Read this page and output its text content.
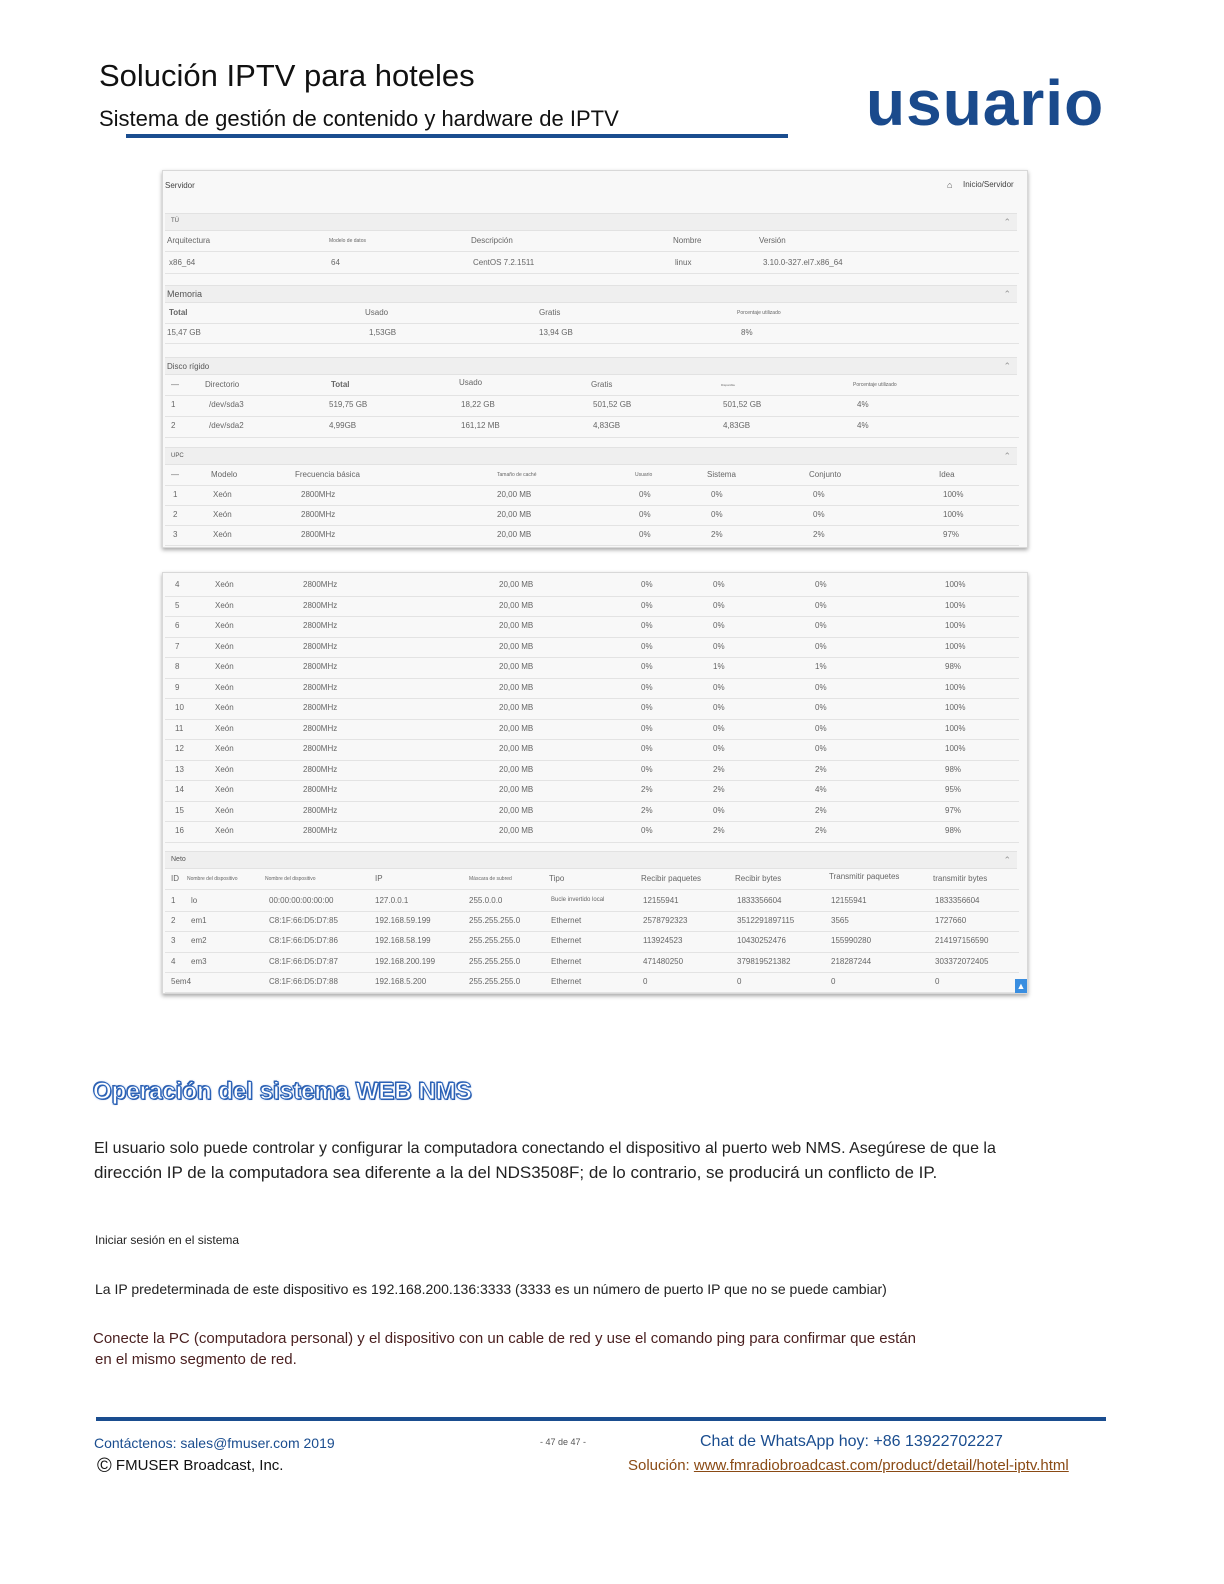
Solución IPTV para hoteles
Sistema de gestión de contenido y hardware de IPTV	usuario
Servidor	⌂ Inicio/Servidor
TÚ	⌃
Arquitectura	Modelo de datos	Descripción	Nombre	Versión
x86_64	64	CentOS 7.2.1511	linux	3.10.0-327.el7.x86_64
Memoria	⌃
Total	Usado	Gratis	Porcentaje utilizado
15,47 GB	1,53GB	13,94 GB	8%
Disco rígido	⌃
—	Directorio	Total	Usado	Gratis	Disponible	Porcentaje utilizado
1	/dev/sda3	519,75 GB	18,22 GB	501,52 GB	501,52 GB	4%
2	/dev/sda2	4,99GB	161,12 MB	4,83GB	4,83GB	4%
UPC	⌃
—	Modelo	Frecuencia básica	Tamaño de caché	Usuario	Sistema	Conjunto	Idea
1	Xeón	2800MHz	20,00 MB	0%	0%	0%	100%
2	Xeón	2800MHz	20,00 MB	0%	0%	0%	100%
3	Xeón	2800MHz	20,00 MB	0%	2%	2%	97%
4	Xeón	2800MHz	20,00 MB	0%	0%	0%	100%
5	Xeón	2800MHz	20,00 MB	0%	0%	0%	100%
6	Xeón	2800MHz	20,00 MB	0%	0%	0%	100%
7	Xeón	2800MHz	20,00 MB	0%	0%	0%	100%
8	Xeón	2800MHz	20,00 MB	0%	1%	1%	98%
9	Xeón	2800MHz	20,00 MB	0%	0%	0%	100%
10	Xeón	2800MHz	20,00 MB	0%	0%	0%	100%
11	Xeón	2800MHz	20,00 MB	0%	0%	0%	100%
12	Xeón	2800MHz	20,00 MB	0%	0%	0%	100%
13	Xeón	2800MHz	20,00 MB	0%	2%	2%	98%
14	Xeón	2800MHz	20,00 MB	2%	2%	4%	95%
15	Xeón	2800MHz	20,00 MB	2%	0%	2%	97%
16	Xeón	2800MHz	20,00 MB	0%	2%	2%	98%
Neto	⌃
ID Nombre del dispositivo	Nombre del dispositivo	IP	Máscara de subred	Tipo	Recibir paquetes	Recibir bytes	Transmitir paquetes	transmitir bytes
1 lo	00:00:00:00:00:00	127.0.0.1	255.0.0.0	Bucle invertido local	12155941	1833356604	12155941	1833356604
2 em1	C8:1F:66:D5:D7:85	192.168.59.199	255.255.255.0	Ethernet	2578792323	3512291897115	3565	1727660
3 em2	C8:1F:66:D5:D7:86	192.168.58.199	255.255.255.0	Ethernet	113924523	10430252476	155990280	214197156590
4 em3	C8:1F:66:D5:D7:87	192.168.200.199	255.255.255.0	Ethernet	471480250	379819521382	218287244	303372072405
5em4	C8:1F:66:D5:D7:88	192.168.5.200	255.255.255.0	Ethernet	0	0	0	0	▲
Operación del sistema WEB NMS
El usuario solo puede controlar y configurar la computadora conectando el dispositivo al puerto web NMS. Asegúrese de que la
dirección IP de la computadora sea diferente a la del NDS3508F; de lo contrario, se producirá un conflicto de IP.
Iniciar sesión en el sistema
La IP predeterminada de este dispositivo es 192.168.200.136:3333 (3333 es un número de puerto IP que no se puede cambiar)
Conecte la PC (computadora personal) y el dispositivo con un cable de red y use el comando ping para confirmar que están
en el mismo segmento de red.
Contáctenos: sales@fmuser.com 2019	- 47 de 47 -	Chat de WhatsApp hoy: +86 13922702227
© FMUSER Broadcast, Inc.	Solución: www.fmradiobroadcast.com/product/detail/hotel-iptv.html
